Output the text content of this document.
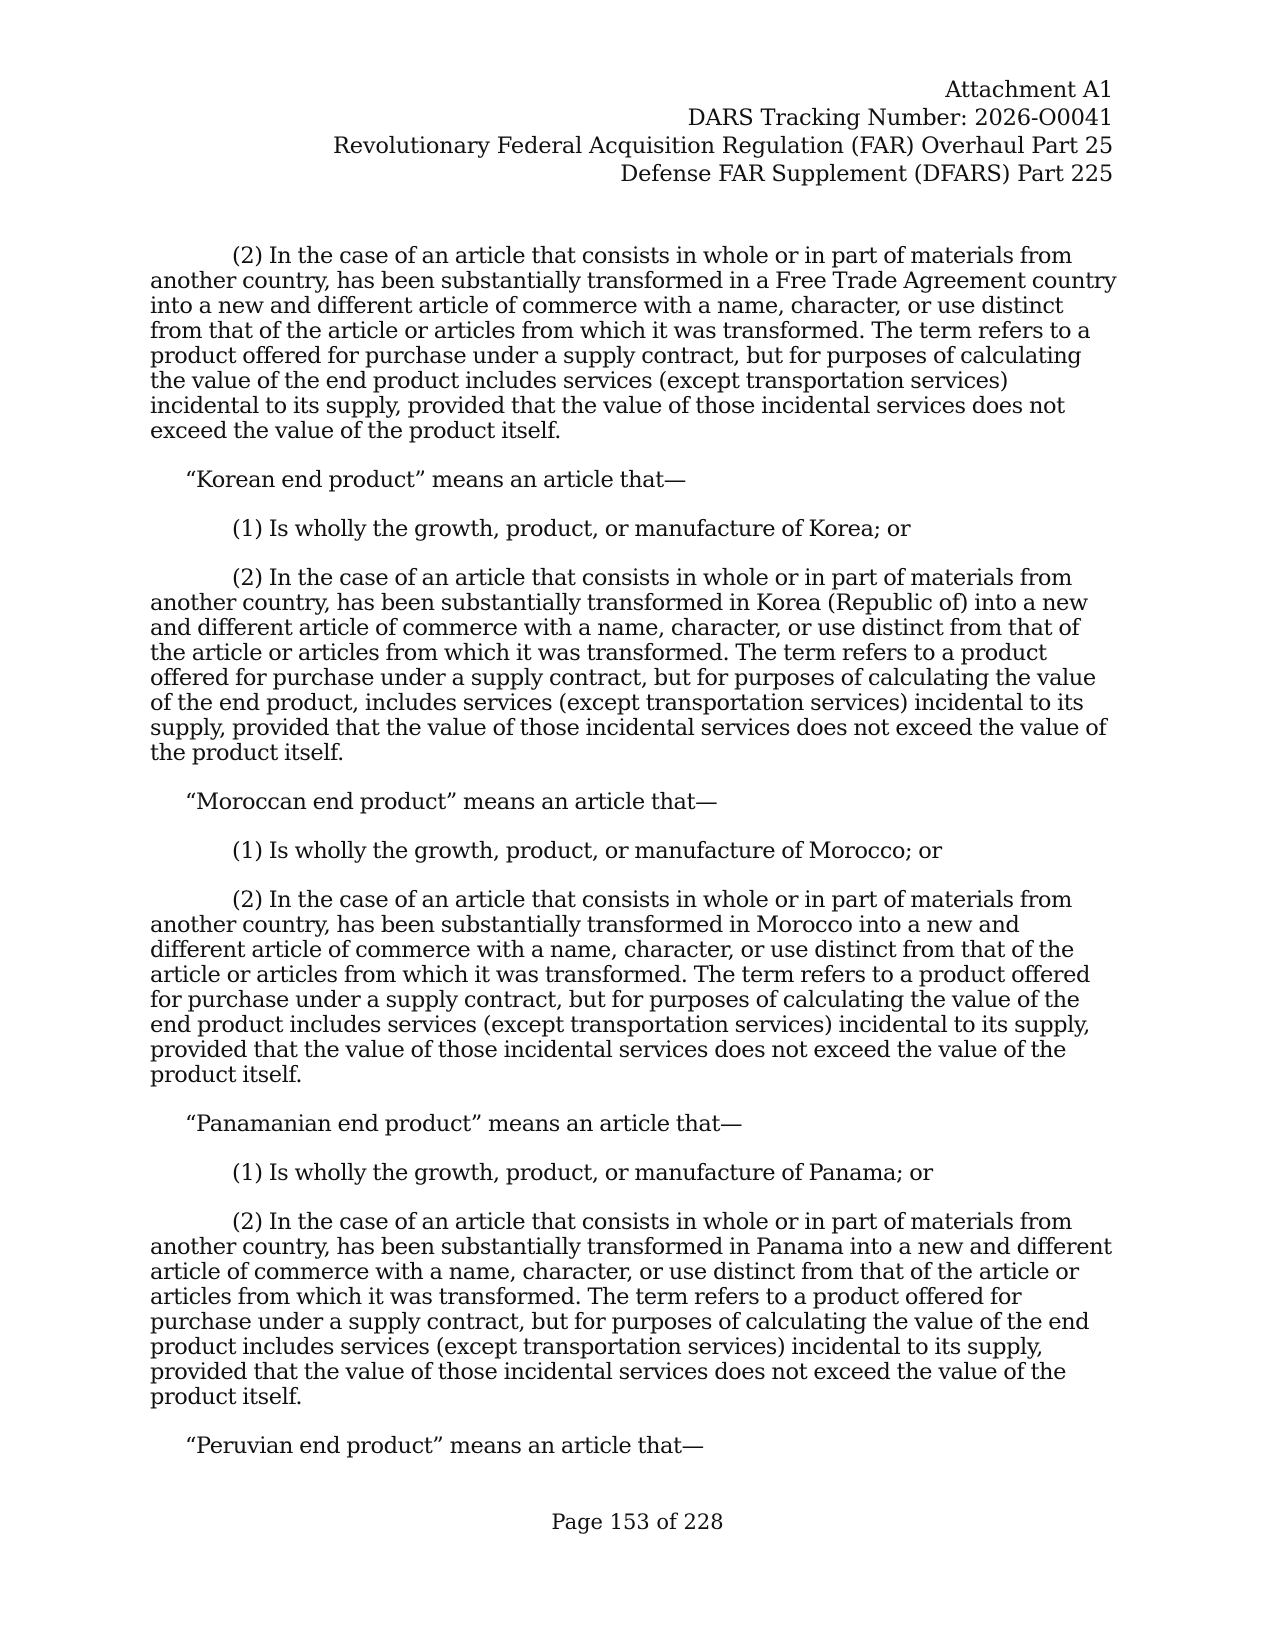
Attachment A1
DARS Tracking Number: 2026-O0041
Revolutionary Federal Acquisition Regulation (FAR) Overhaul Part 25
Defense FAR Supplement (DFARS) Part 225

(2) In the case of an article that consists in whole or in part of materials from another country, has been substantially transformed in a Free Trade Agreement country into a new and different article of commerce with a name, character, or use distinct from that of the article or articles from which it was transformed. The term refers to a product offered for purchase under a supply contract, but for purposes of calculating the value of the end product includes services (except transportation services) incidental to its supply, provided that the value of those incidental services does not exceed the value of the product itself.

“Korean end product” means an article that—

(1) Is wholly the growth, product, or manufacture of Korea; or

(2) In the case of an article that consists in whole or in part of materials from another country, has been substantially transformed in Korea (Republic of) into a new and different article of commerce with a name, character, or use distinct from that of the article or articles from which it was transformed. The term refers to a product offered for purchase under a supply contract, but for purposes of calculating the value of the end product, includes services (except transportation services) incidental to its supply, provided that the value of those incidental services does not exceed the value of the product itself.

“Moroccan end product” means an article that—

(1) Is wholly the growth, product, or manufacture of Morocco; or

(2) In the case of an article that consists in whole or in part of materials from another country, has been substantially transformed in Morocco into a new and different article of commerce with a name, character, or use distinct from that of the article or articles from which it was transformed. The term refers to a product offered for purchase under a supply contract, but for purposes of calculating the value of the end product includes services (except transportation services) incidental to its supply, provided that the value of those incidental services does not exceed the value of the product itself.

“Panamanian end product” means an article that—

(1) Is wholly the growth, product, or manufacture of Panama; or

(2) In the case of an article that consists in whole or in part of materials from another country, has been substantially transformed in Panama into a new and different article of commerce with a name, character, or use distinct from that of the article or articles from which it was transformed. The term refers to a product offered for purchase under a supply contract, but for purposes of calculating the value of the end product includes services (except transportation services) incidental to its supply, provided that the value of those incidental services does not exceed the value of the product itself.

“Peruvian end product” means an article that—

Page 153 of 228
